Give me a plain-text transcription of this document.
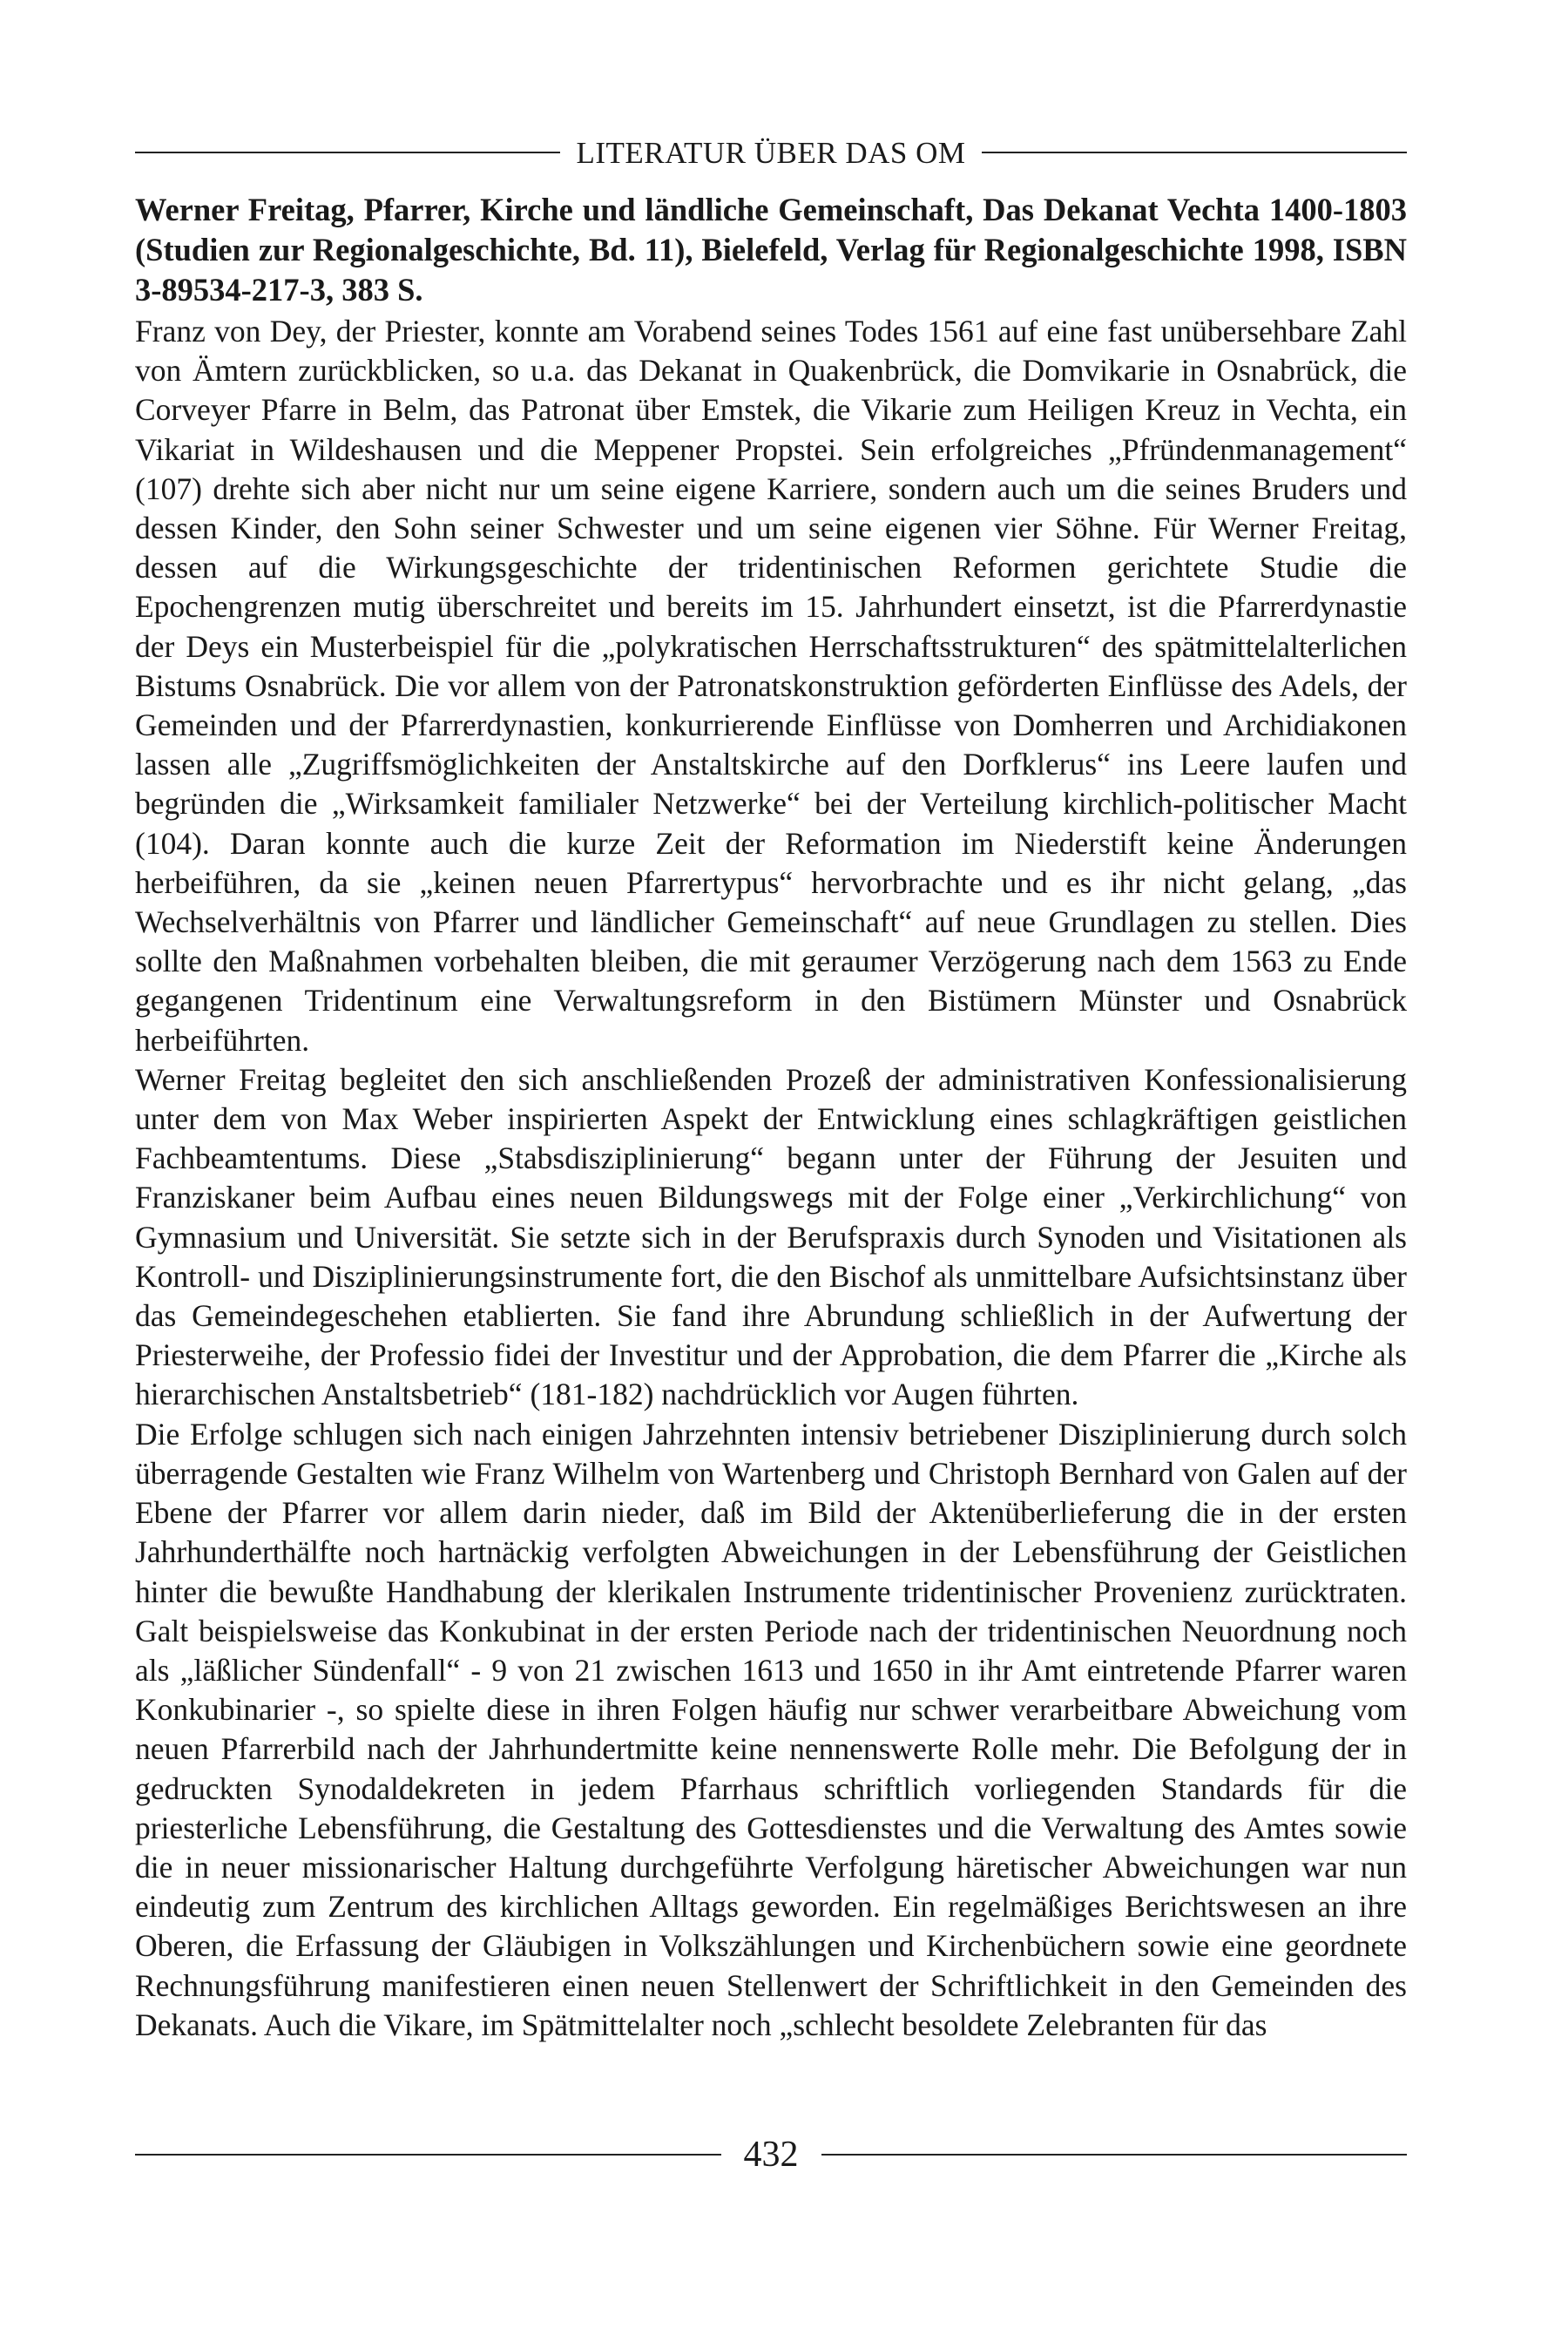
LITERATUR ÜBER DAS OM

Werner Freitag, Pfarrer, Kirche und ländliche Gemeinschaft, Das Dekanat Vechta 1400-1803 (Studien zur Regionalgeschichte, Bd. 11), Bielefeld, Verlag für Regionalgeschichte 1998, ISBN 3-89534-217-3, 383 S.

Franz von Dey, der Priester, konnte am Vorabend seines Todes 1561 auf eine fast unübersehbare Zahl von Ämtern zurückblicken, so u.a. das Dekanat in Quakenbrück, die Domvikarie in Osnabrück, die Corveyer Pfarre in Belm, das Patronat über Emstek, die Vikarie zum Heiligen Kreuz in Vechta, ein Vikariat in Wildeshausen und die Meppener Propstei. Sein erfolgreiches „Pfründenmanagement“ (107) drehte sich aber nicht nur um seine eigene Karriere, sondern auch um die seines Bruders und dessen Kinder, den Sohn seiner Schwester und um seine eigenen vier Söhne. Für Werner Freitag, dessen auf die Wirkungsgeschichte der tridentinischen Reformen gerichtete Studie die Epochengrenzen mutig überschreitet und bereits im 15. Jahrhundert einsetzt, ist die Pfarrerdynastie der Deys ein Musterbeispiel für die „polykratischen Herrschaftsstrukturen“ des spätmittelalterlichen Bistums Osnabrück. Die vor allem von der Patronatskonstruktion geförderten Einflüsse des Adels, der Gemeinden und der Pfarrerdynastien, konkurrierende Einflüsse von Domherren und Archidiakonen lassen alle „Zugriffsmöglichkeiten der Anstaltskirche auf den Dorfklerus“ ins Leere laufen und begründen die „Wirksamkeit familialer Netzwerke“ bei der Verteilung kirchlich-politischer Macht (104). Daran konnte auch die kurze Zeit der Reformation im Niederstift keine Änderungen herbeiführen, da sie „keinen neuen Pfarrertypus“ hervorbrachte und es ihr nicht gelang, „das Wechselverhältnis von Pfarrer und ländlicher Gemeinschaft“ auf neue Grundlagen zu stellen. Dies sollte den Maßnahmen vorbehalten bleiben, die mit geraumer Verzögerung nach dem 1563 zu Ende gegangenen Tridentinum eine Verwaltungsreform in den Bistümern Münster und Osnabrück herbeiführten.

Werner Freitag begleitet den sich anschließenden Prozeß der administrativen Konfessionalisierung unter dem von Max Weber inspirierten Aspekt der Entwicklung eines schlagkräftigen geistlichen Fachbeamtentums. Diese „Stabsdisziplinierung“ begann unter der Führung der Jesuiten und Franziskaner beim Aufbau eines neuen Bildungswegs mit der Folge einer „Verkirchlichung“ von Gymnasium und Universität. Sie setzte sich in der Berufspraxis durch Synoden und Visitationen als Kontroll- und Disziplinierungsinstrumente fort, die den Bischof als unmittelbare Aufsichtsinstanz über das Gemeindegeschehen etablierten. Sie fand ihre Abrundung schließlich in der Aufwertung der Priesterweihe, der Professio fidei der Investitur und der Approbation, die dem Pfarrer die „Kirche als hierarchischen Anstaltsbetrieb“ (181-182) nachdrücklich vor Augen führten.

Die Erfolge schlugen sich nach einigen Jahrzehnten intensiv betriebener Disziplinierung durch solch überragende Gestalten wie Franz Wilhelm von Wartenberg und Christoph Bernhard von Galen auf der Ebene der Pfarrer vor allem darin nieder, daß im Bild der Aktenüberlieferung die in der ersten Jahrhunderthälfte noch hartnäckig verfolgten Abweichungen in der Lebensführung der Geistlichen hinter die bewußte Handhabung der klerikalen Instrumente tridentinischer Provenienz zurücktraten. Galt beispielsweise das Konkubinat in der ersten Periode nach der tridentinischen Neuordnung noch als „läßlicher Sündenfall“ - 9 von 21 zwischen 1613 und 1650 in ihr Amt eintretende Pfarrer waren Konkubinarier -, so spielte diese in ihren Folgen häufig nur schwer verarbeitbare Abweichung vom neuen Pfarrerbild nach der Jahrhundertmitte keine nennenswerte Rolle mehr. Die Befolgung der in gedruckten Synodaldekreten in jedem Pfarrhaus schriftlich vorliegenden Standards für die priesterliche Lebensführung, die Gestaltung des Gottesdienstes und die Verwaltung des Amtes sowie die in neuer missionarischer Haltung durchgeführte Verfolgung häretischer Abweichungen war nun eindeutig zum Zentrum des kirchlichen Alltags geworden. Ein regelmäßiges Berichtswesen an ihre Oberen, die Erfassung der Gläubigen in Volkszählungen und Kirchenbüchern sowie eine geordnete Rechnungsführung manifestieren einen neuen Stellenwert der Schriftlichkeit in den Gemeinden des Dekanats. Auch die Vikare, im Spätmittelalter noch „schlecht besoldete Zelebranten für das

432
